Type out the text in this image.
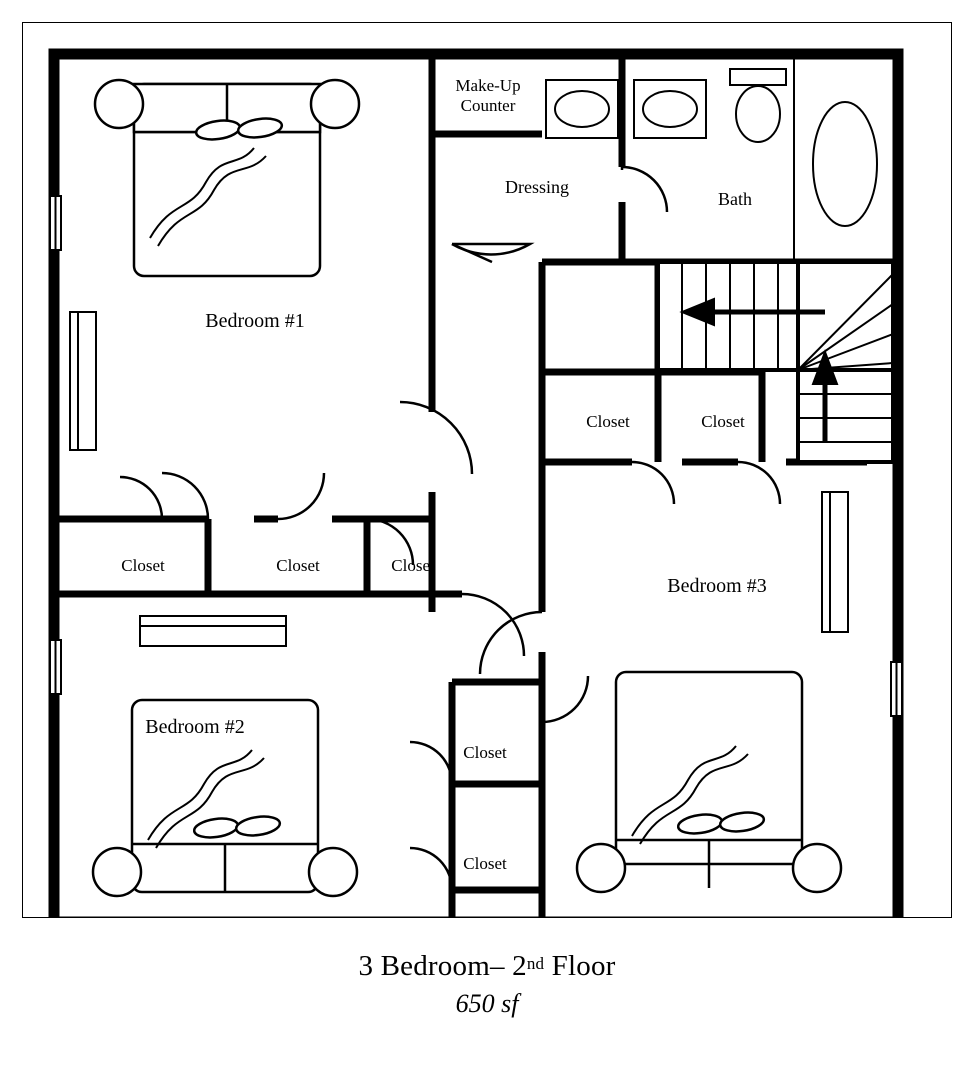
Make-Up
Counter
Dressing
Bath
Bedroom #1
Closet	Closet	Closet
Closet	Closet
Bedroom #3
Bedroom #2
Closet
Closet
3 Bedroom– 2nd Floor
650 sf
